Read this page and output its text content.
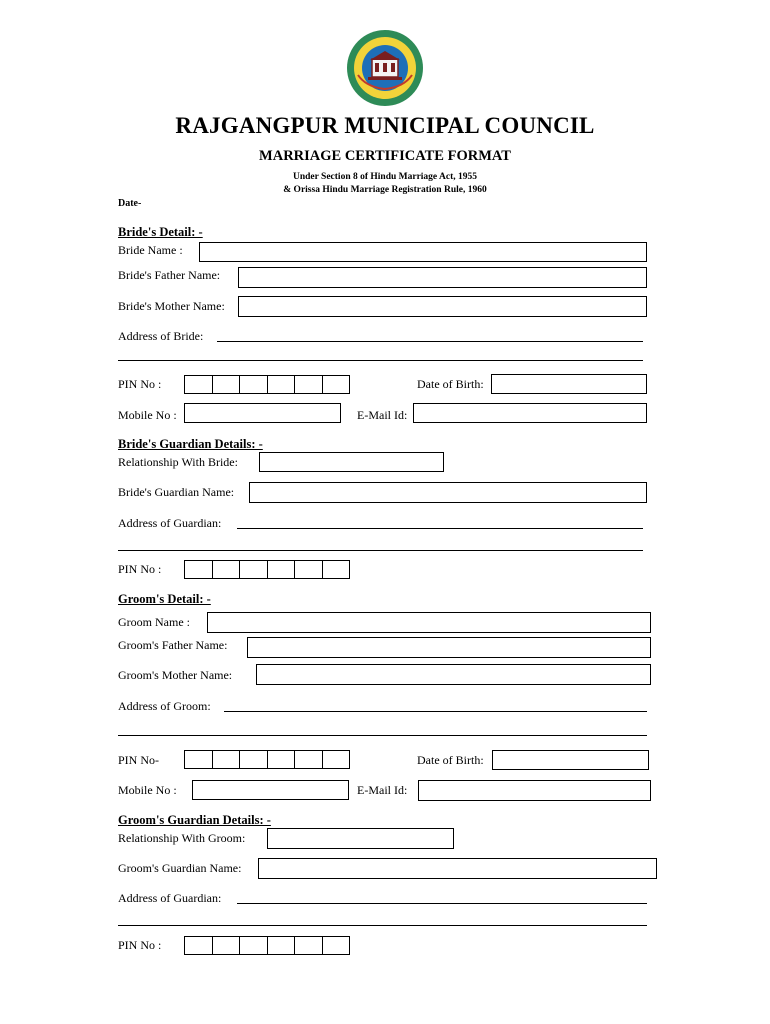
RAJGANGPUR MUNICIPAL COUNCIL
MARRIAGE CERTIFICATE FORMAT
Under Section 8 of Hindu Marriage Act, 1955
& Orissa Hindu Marriage Registration Rule, 1960
Date-
Bride's Detail: -
Bride Name :
Bride's Father Name:
Bride's Mother Name:
Address of Bride:
PIN No :	Date of Birth:
Mobile No :	E-Mail Id:
Bride's Guardian Details: -
Relationship With Bride:
Bride's Guardian Name:
Address of Guardian:
PIN No :
Groom's Detail: -
Groom Name :
Groom's Father Name:
Groom's Mother Name:
Address of Groom:
PIN No-	Date of Birth:
Mobile No :	E-Mail Id:
Groom's Guardian Details: -
Relationship With Groom:
Groom's Guardian Name:
Address of Guardian:
PIN No :
